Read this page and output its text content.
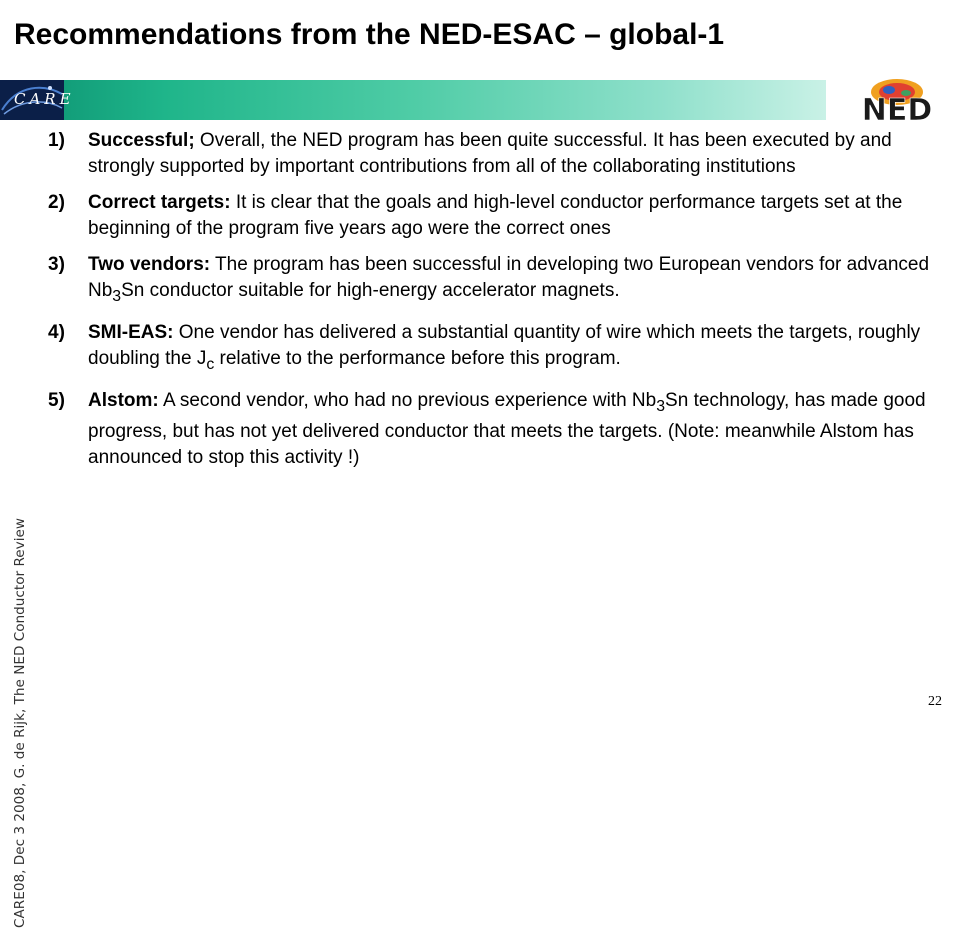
Recommendations from the NED-ESAC – global-1
CARE	NED
CARE08, Dec 3 2008, G. de Rijk, The NED Conductor Review
1) Successful; Overall, the NED program has been quite successful. It has been executed by and strongly supported by important contributions from all of the collaborating institutions
2) Correct targets: It is clear that the goals and high-level conductor performance targets set at the beginning of the program five years ago were the correct ones
3) Two vendors: The program has been successful in developing two European vendors for advanced $Nb_3Sn$ conductor suitable for high-energy accelerator magnets.
4) SMI-EAS: One vendor has delivered a substantial quantity of wire which meets the targets, roughly doubling the $J_c$ relative to the performance before this program.
5) Alstom: A second vendor, who had no previous experience with $Nb_3Sn$ technology, has made good progress, but has not yet delivered conductor that meets the targets. (Note: meanwhile Alstom has announced to stop this activity !)
22
